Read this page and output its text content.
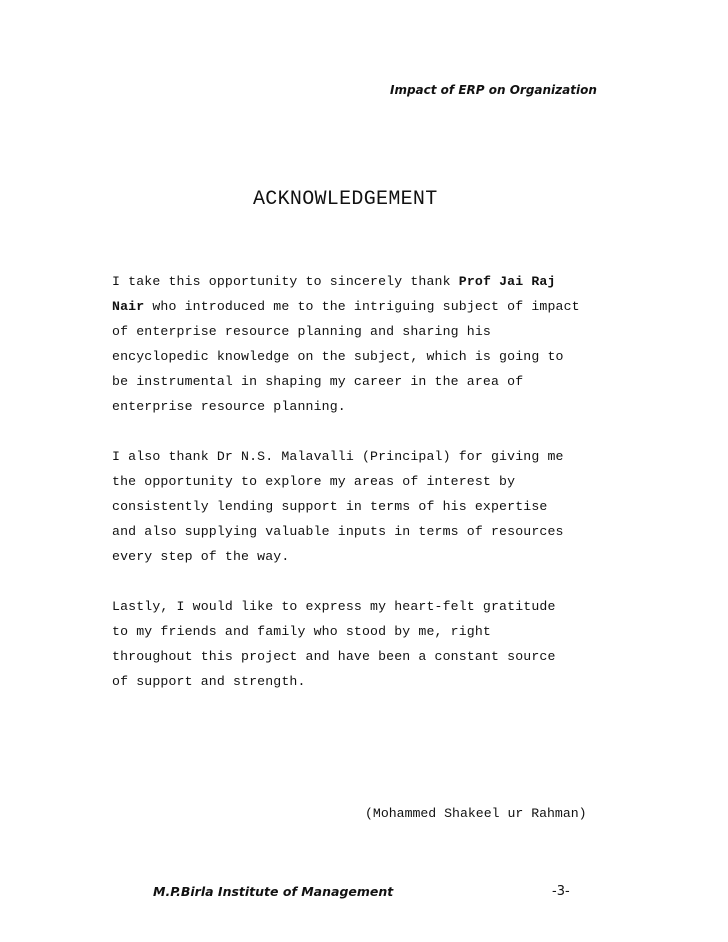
Impact of ERP on Organization
ACKNOWLEDGEMENT
I take this opportunity to sincerely thank Prof Jai Raj
Nair who introduced me to the intriguing subject of impact
of enterprise resource planning and sharing his
encyclopedic knowledge on the subject, which is going to
be instrumental in shaping my career in the area of
enterprise resource planning.
I also thank Dr N.S. Malavalli (Principal) for giving me
the opportunity to explore my areas of interest by
consistently lending support in terms of his expertise
and also supplying valuable inputs in terms of resources
every step of the way.
Lastly, I would like to express my heart-felt gratitude
to my friends and family who stood by me, right
throughout this project and have been a constant source
of support and strength.
(Mohammed Shakeel ur Rahman)
M.P.Birla Institute of Management	-3-
